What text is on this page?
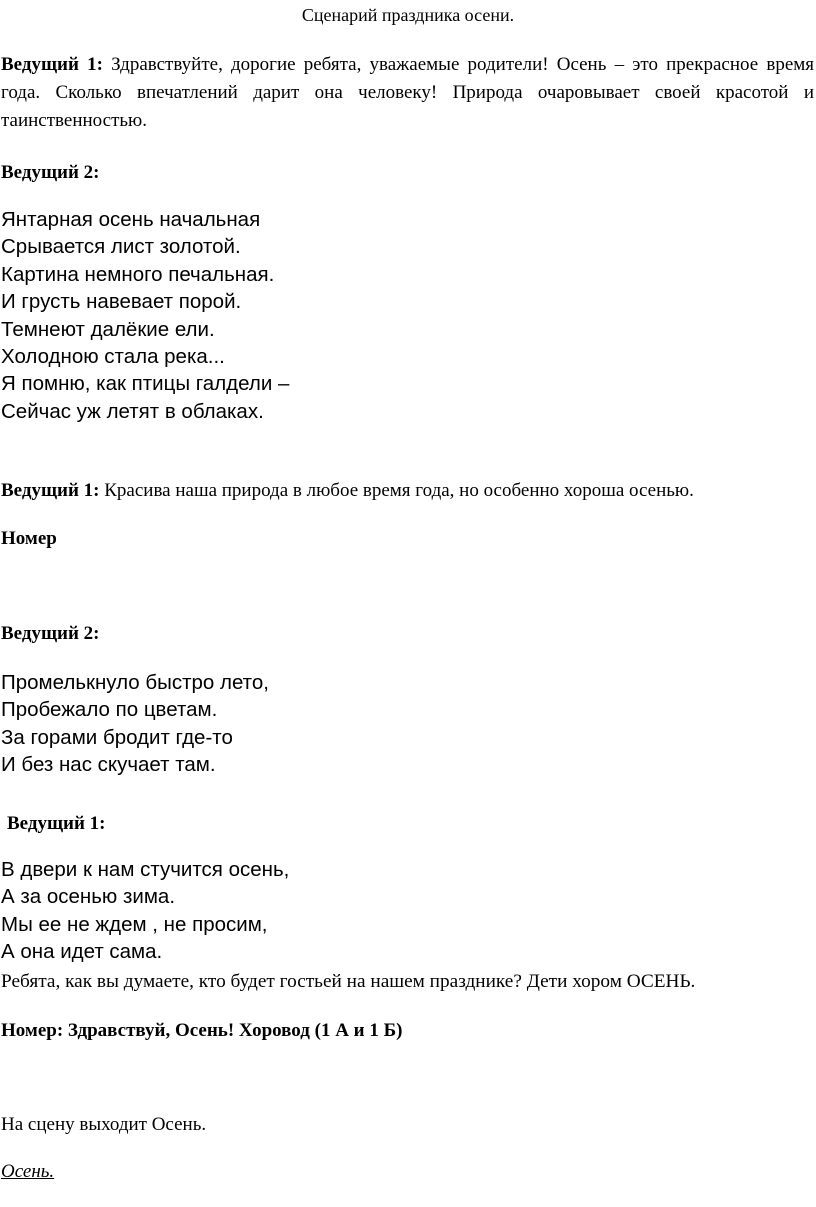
Сценарий праздника осени.
Ведущий 1: Здравствуйте, дорогие ребята, уважаемые родители! Осень – это прекрасное время года. Сколько впечатлений дарит она человеку! Природа очаровывает своей красотой и таинственностью.
Ведущий 2:
Янтарная осень начальная
Срывается лист золотой.
Картина немного печальная.
И грусть навевает порой.
Темнеют далёкие ели.
Холодною стала река...
Я помню, как птицы галдели –
Сейчас уж летят в облаках.
Ведущий 1: Красива наша природа в любое время года, но особенно хороша осенью.
Номер
Ведущий 2:
Промелькнуло быстро лето,
Пробежало по цветам.
За горами бродит где-то
И без нас скучает там.
Ведущий 1:
В двери к нам стучится осень,
А за осенью зима.
Мы ее не ждем , не просим,
А она идет сама.
Ребята, как вы думаете, кто будет гостьей на нашем празднике? Дети хором ОСЕНЬ.
Номер: Здравствуй, Осень! Хоровод (1 А и 1 Б)
На сцену выходит Осень.
Осень.
